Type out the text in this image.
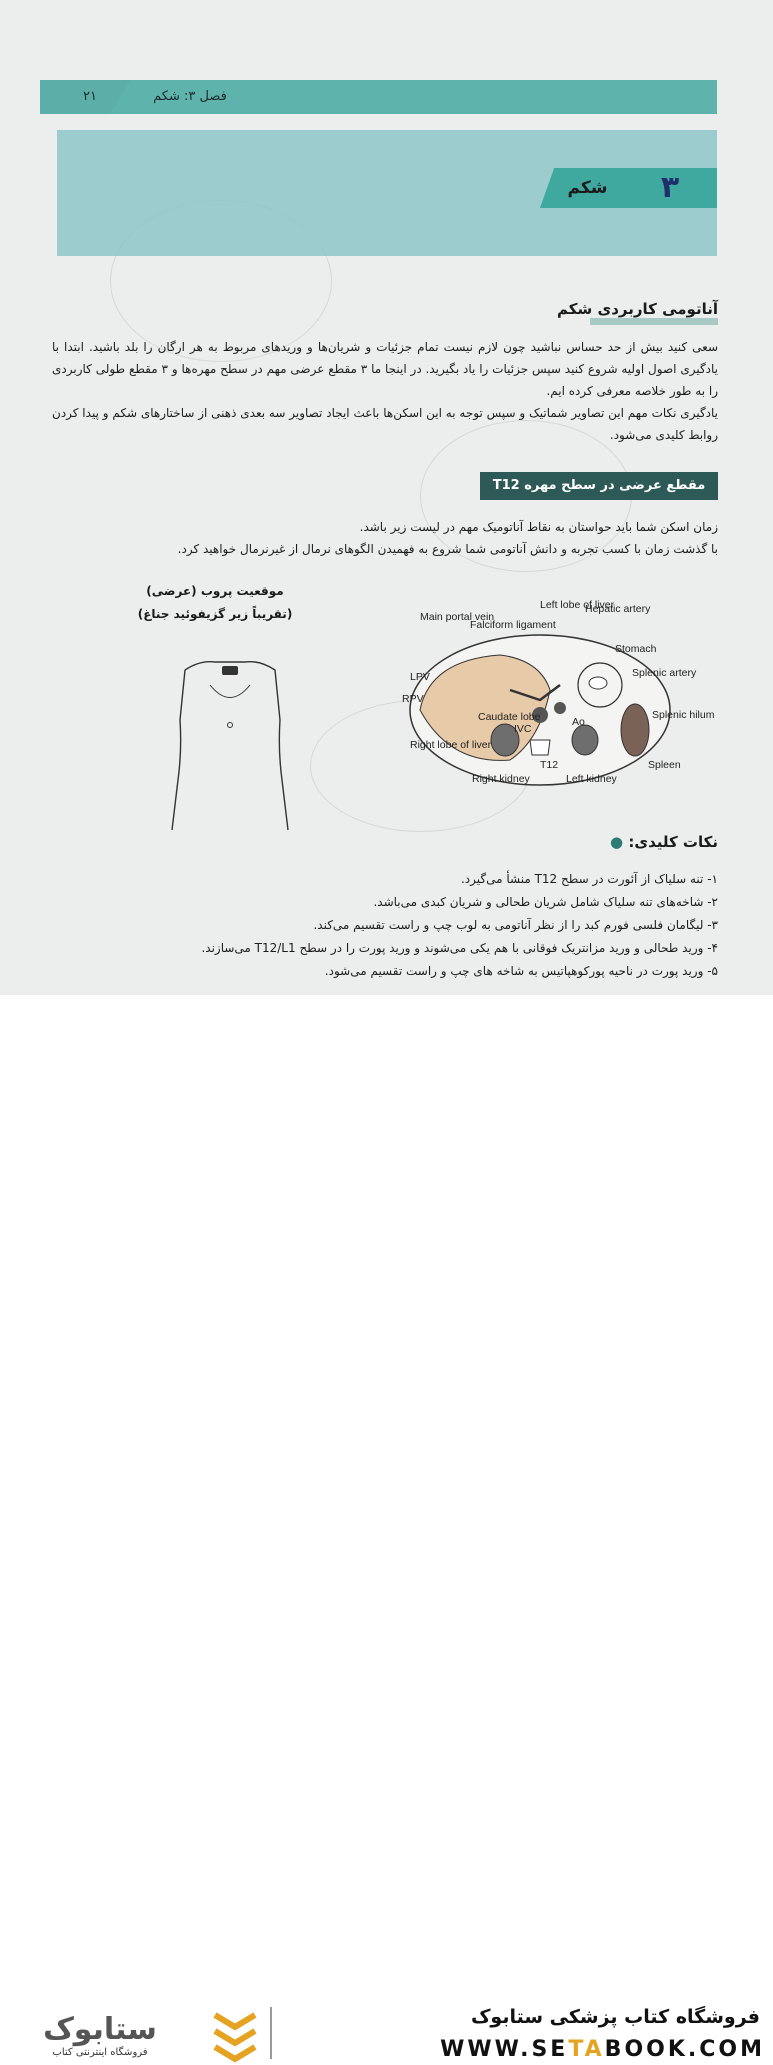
۲۱	فصل ۳: شکم
۳
شکم
آناتومی کاربردی شکم
سعی کنید بیش از حد حساس نباشید چون لازم نیست تمام جزئیات و شریان‌ها و وریدهای مربوط به هر ارگان را بلد باشید. ابتدا با یادگیری اصول اولیه شروع کنید سپس جزئیات را یاد بگیرید. در اینجا ما ۳ مقطع عرضی مهم در سطح مهره‌ها و ۳ مقطع طولی کاربردی را به طور خلاصه معرفی کرده ایم.
یادگیری نکات مهم این تصاویر شماتیک و سپس توجه به این اسکن‌ها باعث ایجاد تصاویر سه بعدی ذهنی از ساختارهای شکم و پیدا کردن روابط کلیدی می‌شود.
مقطع عرضی در سطح مهره T12
زمان اسکن شما باید حواستان به نقاط آناتومیک مهم در لیست زیر باشد.
با گذشت زمان با کسب تجربه و دانش آناتومی شما شروع به فهمیدن الگوهای نرمال از غیرنرمال خواهید کرد.
موقعیت پروب (عرضی)
(تقریباً زیر گزیفوئید جناغ)	Main portal vein
Falciform ligament
Left lobe of liver
Hepatic artery
Stomach
LPV	Splenic artery
RPV
Caudate lobe	Splenic hilum
Ao
IVC
Right lobe of liver
T12
Right kidney	Left kidney
Spleen
نکات کلیدی: ●
۱- تنه سلیاک از آئورت در سطح T12 منشأ می‌گیرد.
۲- شاخه‌های تنه سلیاک شامل شریان طحالی و شریان کبدی می‌باشد.
۳- لیگامان فلسی فورم کبد را از نظر آناتومی به لوب چپ و راست تقسیم می‌کند.
۴- ورید طحالی و ورید مزانتریک فوقانی با هم یکی می‌شوند و ورید پورت را در سطح T12/L1 می‌سازند.
۵- ورید پورت در ناحیه پورکوهپاتیس به شاخه های چپ و راست تقسیم می‌شود.
ستابوک
فروشگاه اینترنتی کتاب
فروشگاه کتاب پزشکی ستابوک
WWW.SETABOOK.COM
